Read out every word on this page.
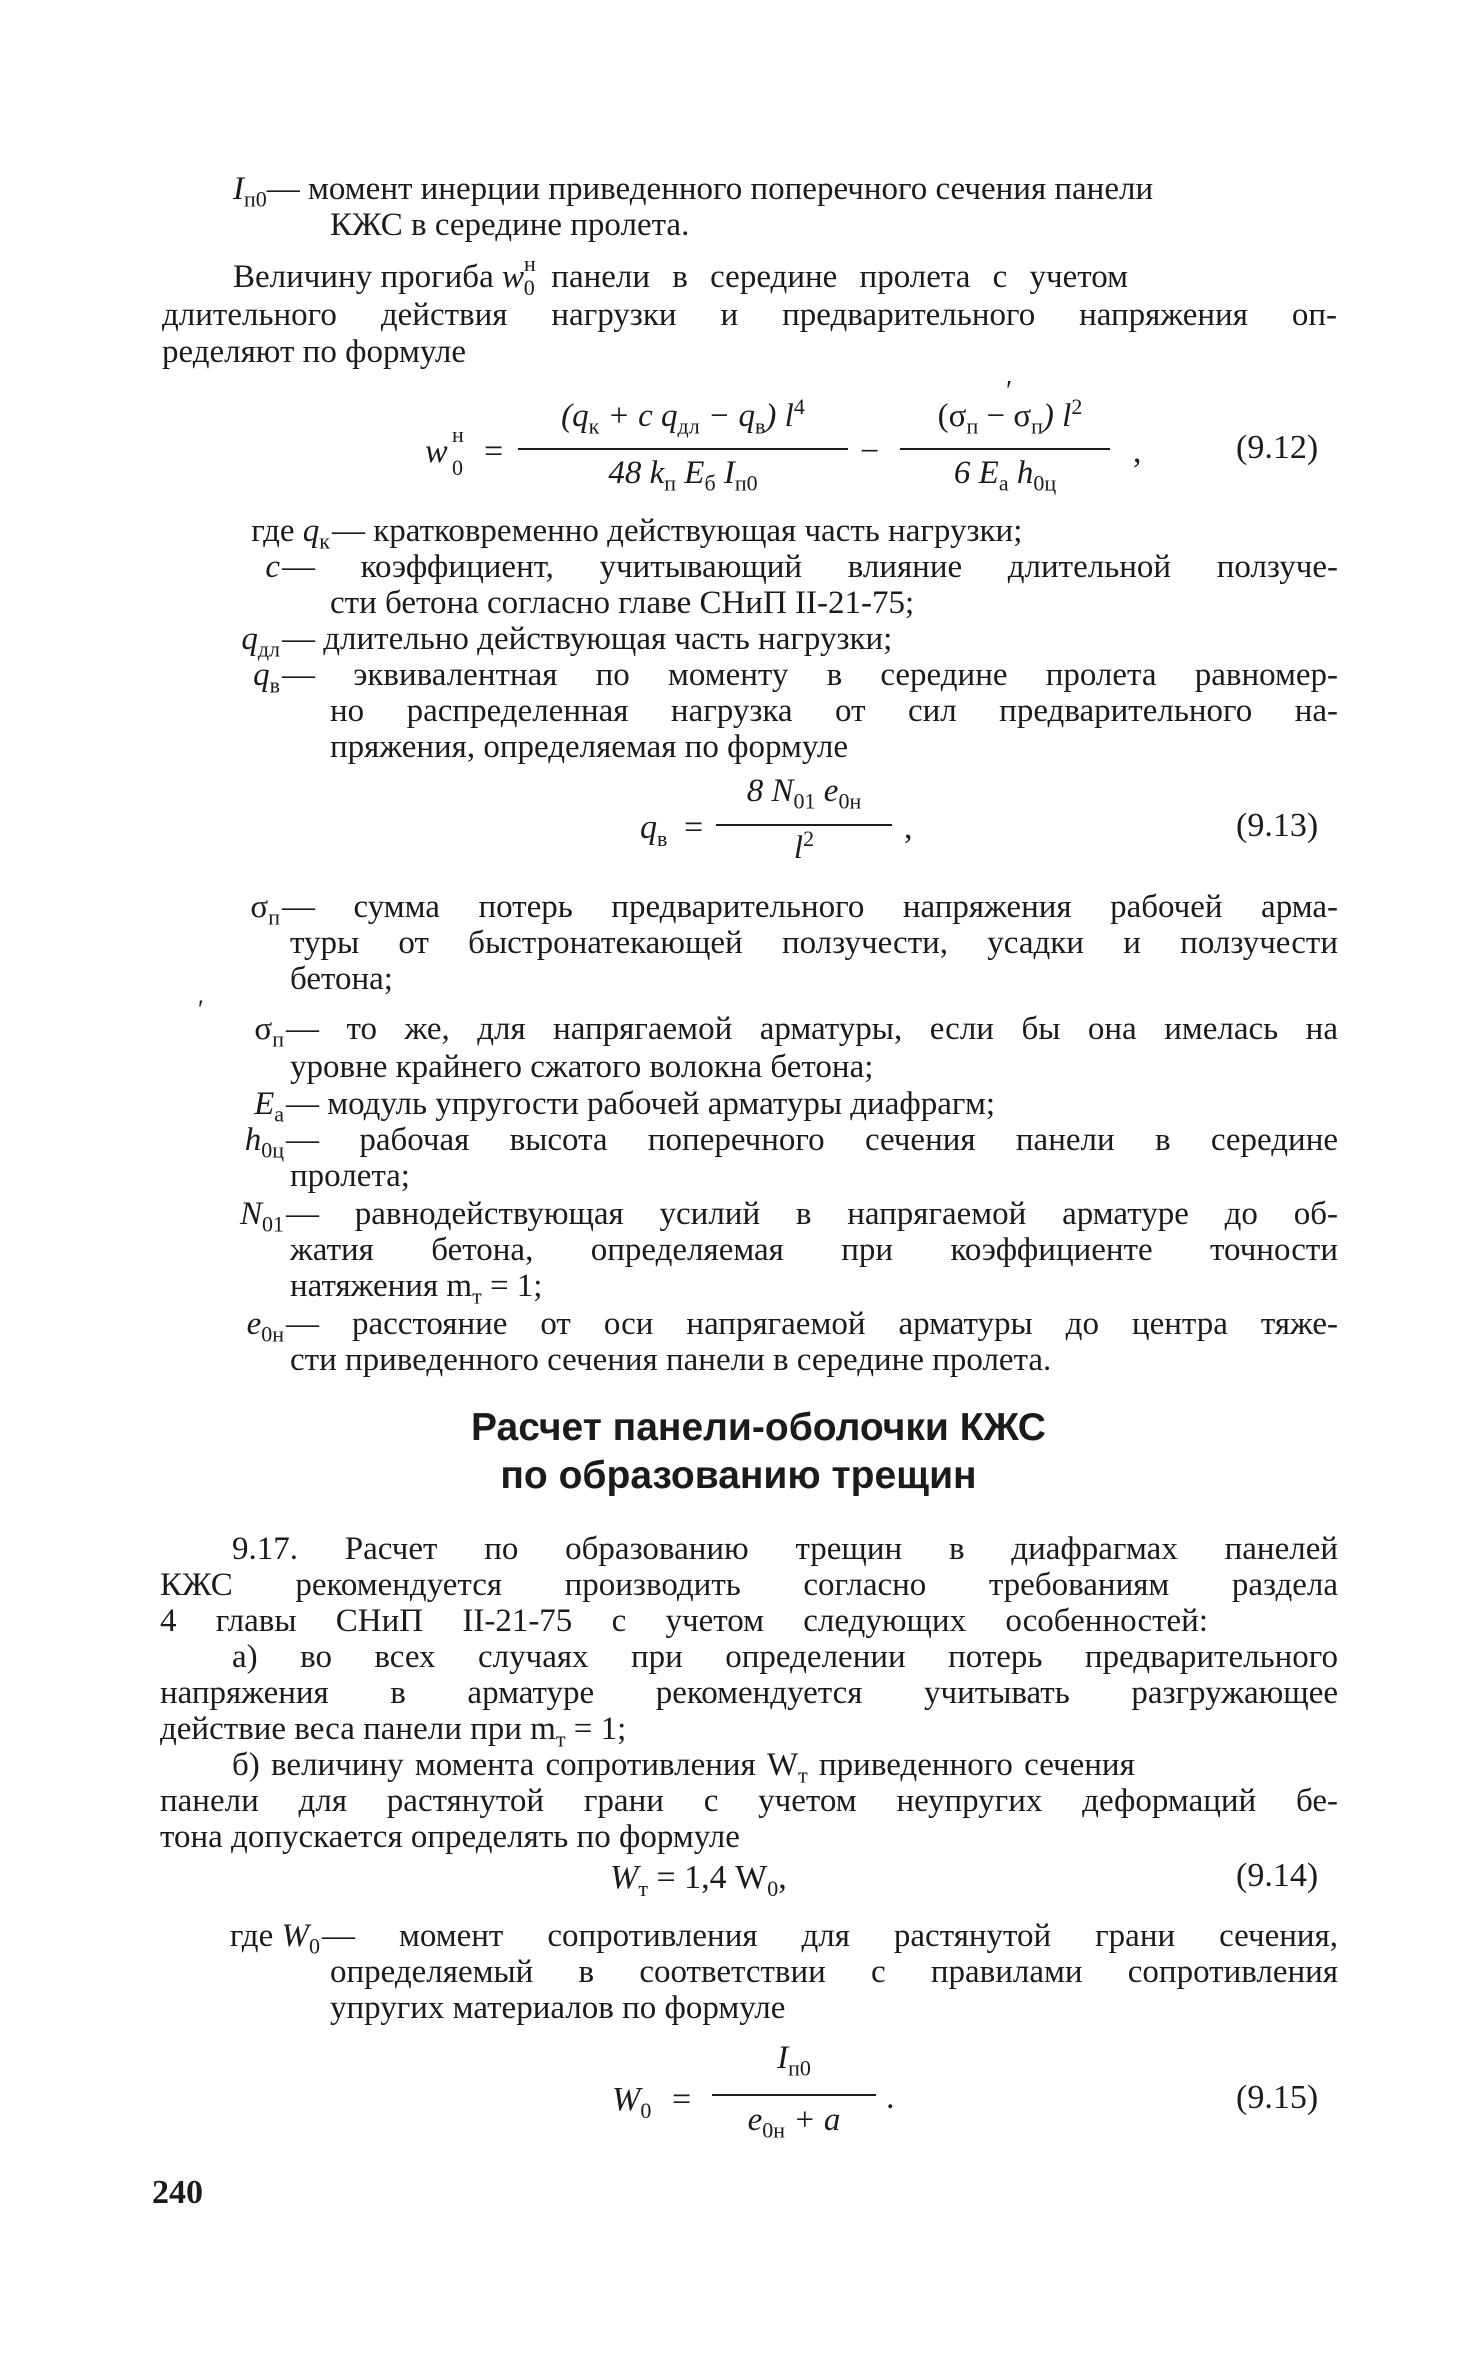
$I_{п0}—$ момент инерции приведенного поперечного сечения панели
КЖС в середине пролета.
Величину прогиба $w^н_0$ панели в середине пролета с учетом
длительного действия нагрузки и предварительного напряжения оп-
ределяют по формуле
w н
0 =
($q_к + c$ $q_{дл} - q_в$) $l^4$
48 $k_п$ $E_б$ $I_{п0}$
−
′
$(\sigma_п - \sigma_п)$ $l^2$
6 $E_а$ $h_{0ц}$
,	(9.12)
где $q_к$ — кратковременно действующая часть нагрузки;
c — коэффициент, учитывающий влияние длительной ползуче-
сти бетона согласно главе СНиП II-21-75;
$q_{дл}$ — длительно действующая часть нагрузки;
$q_в$ — эквивалентная по моменту в середине пролета равномер-
но распределенная нагрузка от сил предварительного на-
пряжения, определяемая по формуле
$q_в$ =
8 $N_{01}$ $e_{0н}$
$l^2$	,	(9.13)
$\sigma_п$ — сумма потерь предварительного напряжения рабочей арма-
туры от быстронатекающей ползучести, усадки и ползучести
бетона;
′
$\sigma_п$ — то же, для напрягаемой арматуры, если бы она имелась на
уровне крайнего сжатого волокна бетона;
$E_а$ — модуль упругости рабочей арматуры диафрагм;
$h_{0ц}$ — рабочая высота поперечного сечения панели в середине
пролета;
$N_{01}$ — равнодействующая усилий в напрягаемой арматуре до об-
жатия бетона, определяемая при коэффициенте точности
натяжения $m_т = 1$;
$e_{0н}$ — расстояние от оси напрягаемой арматуры до центра тяже-
сти приведенного сечения панели в середине пролета.
Расчет панели-оболочки КЖС
по образованию трещин
9.17. Расчет по образованию трещин в диафрагмах панелей
КЖС рекомендуется производить согласно требованиям раздела
4 главы СНиП II-21-75 с учетом следующих особенностей:
а) во всех случаях при определении потерь предварительного
напряжения в арматуре рекомендуется учитывать разгружающее
действие веса панели при $m_т = 1$;
б) величину момента сопротивления $W_т$ приведенного сечения
панели для растянутой грани с учетом неупругих деформаций бе-
тона допускается определять по формуле
$W_т = 1,4$ $W_0$,	(9.14)
где $W_0$ — момент сопротивления для растянутой грани сечения,
определяемый в соответствии с правилами сопротивления
упругих материалов по формуле
$W_0$ =
$I_{п0}$
$e_{0н} + a$
.	(9.15)
240
